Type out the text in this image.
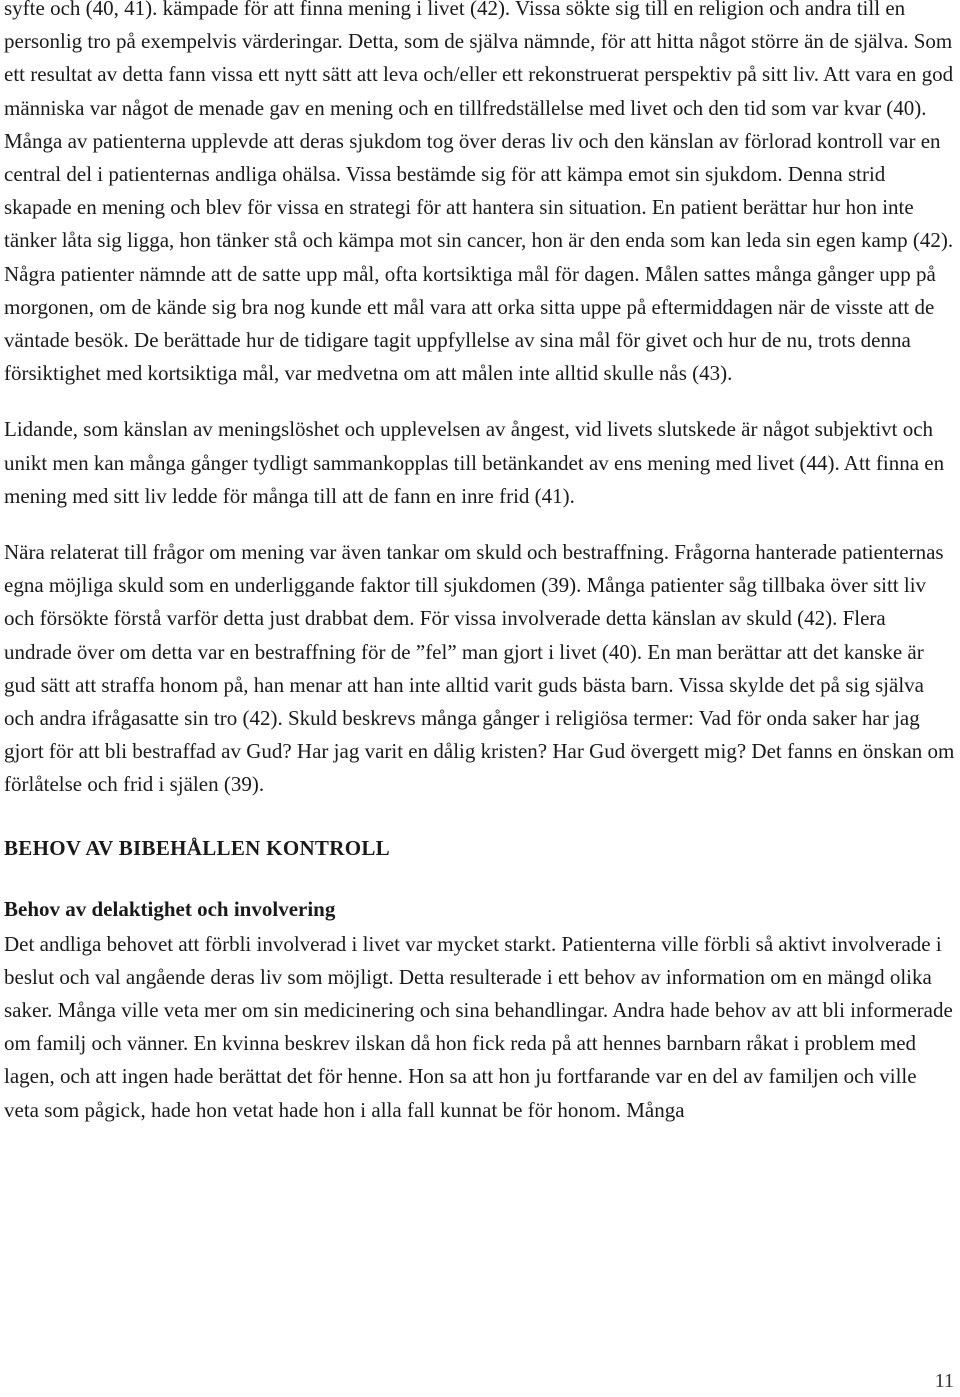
syfte och (40, 41). kämpade för att finna mening i livet (42). Vissa sökte sig till en religion och andra till en personlig tro på exempelvis värderingar. Detta, som de själva nämnde, för att hitta något större än de själva. Som ett resultat av detta fann vissa ett nytt sätt att leva och/eller ett rekonstruerat perspektiv på sitt liv. Att vara en god människa var något de menade gav en mening och en tillfredställelse med livet och den tid som var kvar (40). Många av patienterna upplevde att deras sjukdom tog över deras liv och den känslan av förlorad kontroll var en central del i patienternas andliga ohälsa. Vissa bestämde sig för att kämpa emot sin sjukdom. Denna strid skapade en mening och blev för vissa en strategi för att hantera sin situation. En patient berättar hur hon inte tänker låta sig ligga, hon tänker stå och kämpa mot sin cancer, hon är den enda som kan leda sin egen kamp (42). Några patienter nämnde att de satte upp mål, ofta kortsiktiga mål för dagen. Målen sattes många gånger upp på morgonen, om de kände sig bra nog kunde ett mål vara att orka sitta uppe på eftermiddagen när de visste att de väntade besök. De berättade hur de tidigare tagit uppfyllelse av sina mål för givet och hur de nu, trots denna försiktighet med kortsiktiga mål, var medvetna om att målen inte alltid skulle nås (43).

Lidande, som känslan av meningslöshet och upplevelsen av ångest, vid livets slutskede är något subjektivt och unikt men kan många gånger tydligt sammankopplas till betänkandet av ens mening med livet (44). Att finna en mening med sitt liv ledde för många till att de fann en inre frid (41).

Nära relaterat till frågor om mening var även tankar om skuld och bestraffning. Frågorna hanterade patienternas egna möjliga skuld som en underliggande faktor till sjukdomen (39). Många patienter såg tillbaka över sitt liv och försökte förstå varför detta just drabbat dem. För vissa involverade detta känslan av skuld (42). Flera undrade över om detta var en bestraffning för de ”fel” man gjort i livet (40). En man berättar att det kanske är gud sätt att straffa honom på, han menar att han inte alltid varit guds bästa barn. Vissa skylde det på sig själva och andra ifrågasatte sin tro (42). Skuld beskrevs många gånger i religiösa termer: Vad för onda saker har jag gjort för att bli bestraffad av Gud? Har jag varit en dålig kristen? Har Gud övergett mig? Det fanns en önskan om förlåtelse och frid i själen (39).

BEHOV AV BIBEHÅLLEN KONTROLL
Behov av delaktighet och involvering

Det andliga behovet att förbli involverad i livet var mycket starkt. Patienterna ville förbli så aktivt involverade i beslut och val angående deras liv som möjligt. Detta resulterade i ett behov av information om en mängd olika saker. Många ville veta mer om sin medicinering och sina behandlingar. Andra hade behov av att bli informerade om familj och vänner. En kvinna beskrev ilskan då hon fick reda på att hennes barnbarn råkat i problem med lagen, och att ingen hade berättat det för henne. Hon sa att hon ju fortfarande var en del av familjen och ville veta som pågick, hade hon vetat hade hon i alla fall kunnat be för honom. Många

11
